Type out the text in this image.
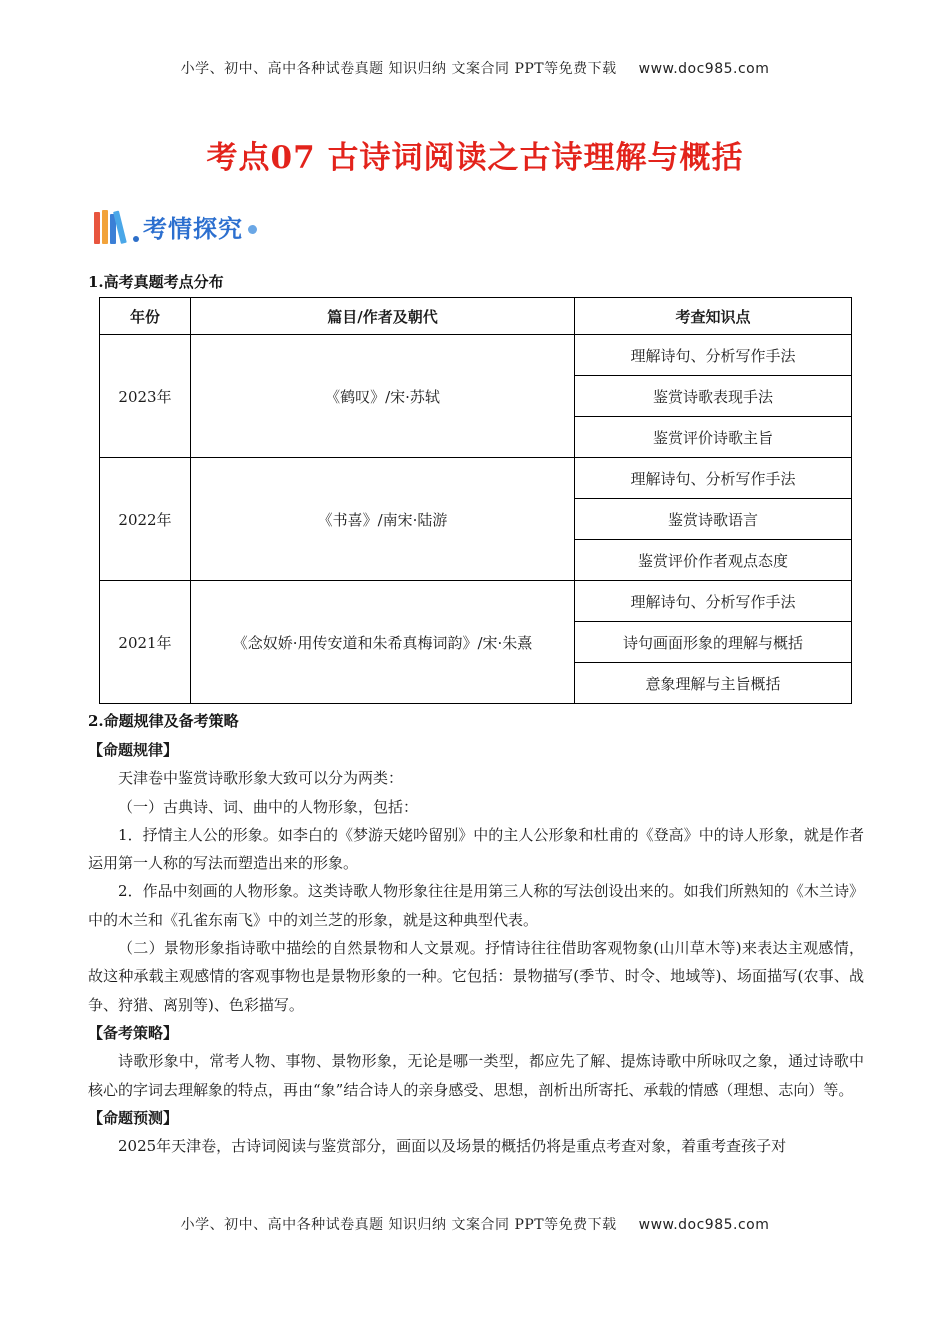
小学、初中、高中各种试卷真题 知识归纳 文案合同 PPT等免费下载 www.doc985.com
考点07 古诗词阅读之古诗理解与概括
考情探究
1.高考真题考点分布
年份	篇目/作者及朝代	考查知识点
2023年	《鹤叹》/宋·苏轼	理解诗句、分析写作手法
		鉴赏诗歌表现手法
		鉴赏评价诗歌主旨
2022年	《书喜》/南宋·陆游	理解诗句、分析写作手法
		鉴赏诗歌语言
		鉴赏评价作者观点态度
2021年	《念奴娇·用传安道和朱希真梅词韵》/宋·朱熹	理解诗句、分析写作手法
		诗句画面形象的理解与概括
		意象理解与主旨概括
2.命题规律及备考策略

【命题规律】

天津卷中鉴赏诗歌形象大致可以分为两类：

（一）古典诗、词、曲中的人物形象，包括：

1．抒情主人公的形象。如李白的《梦游天姥吟留别》中的主人公形象和杜甫的《登高》中的诗人形象，就是作者运用第一人称的写法而塑造出来的形象。

2．作品中刻画的人物形象。这类诗歌人物形象往往是用第三人称的写法创设出来的。如我们所熟知的《木兰诗》中的木兰和《孔雀东南飞》中的刘兰芝的形象，就是这种典型代表。

（二）景物形象指诗歌中描绘的自然景物和人文景观。抒情诗往往借助客观物象(山川草木等)来表达主观感情，故这种承载主观感情的客观事物也是景物形象的一种。它包括：景物描写(季节、时令、地域等)、场面描写(农事、战争、狩猎、离别等)、色彩描写。

【备考策略】

诗歌形象中，常考人物、事物、景物形象，无论是哪一类型，都应先了解、提炼诗歌中所咏叹之象，通过诗歌中核心的字词去理解象的特点，再由“象”结合诗人的亲身感受、思想，剖析出所寄托、承载的情感（理想、志向）等。

【命题预测】

2025年天津卷，古诗词阅读与鉴赏部分，画面以及场景的概括仍将是重点考查对象，着重考查孩子对

小学、初中、高中各种试卷真题 知识归纳 文案合同 PPT等免费下载 www.doc985.com
